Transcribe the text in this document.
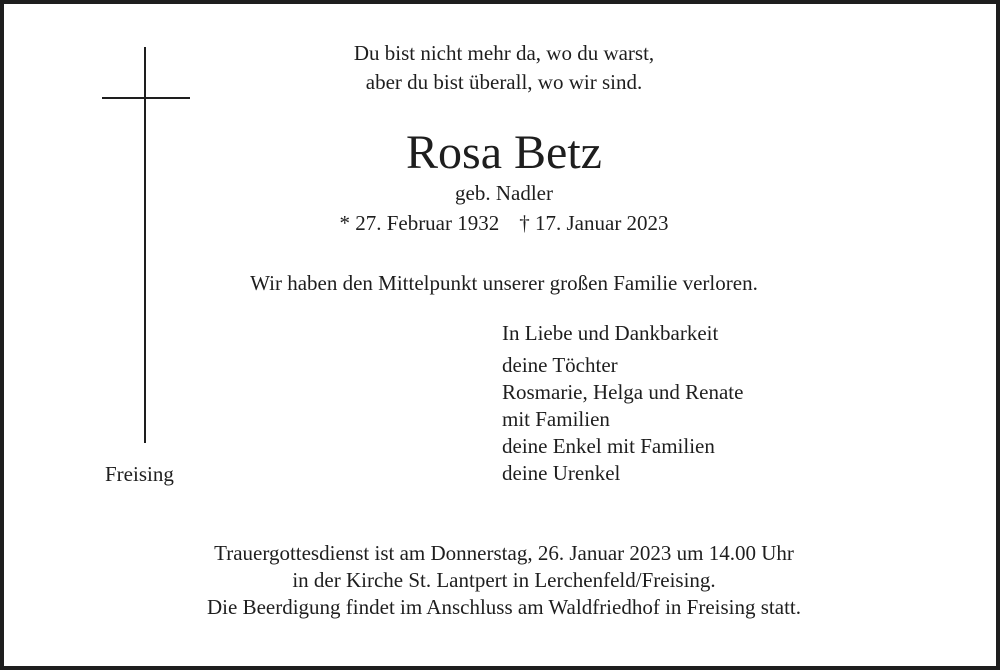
Du bist nicht mehr da, wo du warst,
aber du bist überall, wo wir sind.
Rosa Betz
geb. Nadler
* 27. Februar 1932 † 17. Januar 2023
Wir haben den Mittelpunkt unserer großen Familie verloren.
In Liebe und Dankbarkeit
deine Töchter
Rosmarie, Helga und Renate
mit Familien
deine Enkel mit Familien
deine Urenkel
Freising
Trauergottesdienst ist am Donnerstag, 26. Januar 2023 um 14.00 Uhr
in der Kirche St. Lantpert in Lerchenfeld/Freising.
Die Beerdigung findet im Anschluss am Waldfriedhof in Freising statt.
